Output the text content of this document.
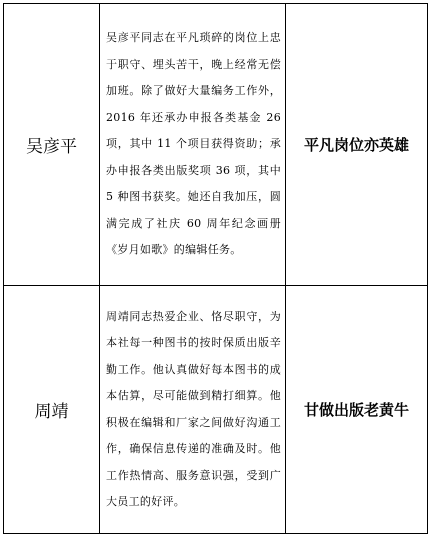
吴彦平	吴彦平同志在平凡琐碎的岗位上忠于职守、埋头苦干，晚上经常无偿加班。除了做好大量编务工作外，2016 年还承办申报各类基金 26 项，其中 11 个项目获得资助；承办申报各类出版奖项 36 项，其中 5 种图书获奖。她还自我加压，圆满完成了社庆 60 周年纪念画册《岁月如歌》的编辑任务。	平凡岗位亦英雄
周靖	周靖同志热爱企业、恪尽职守，为本社每一种图书的按时保质出版辛勤工作。他认真做好每本图书的成本估算，尽可能做到精打细算。他积极在编辑和厂家之间做好沟通工作，确保信息传递的准确及时。他工作热情高、服务意识强，受到广大员工的好评。	甘做出版老黄牛
